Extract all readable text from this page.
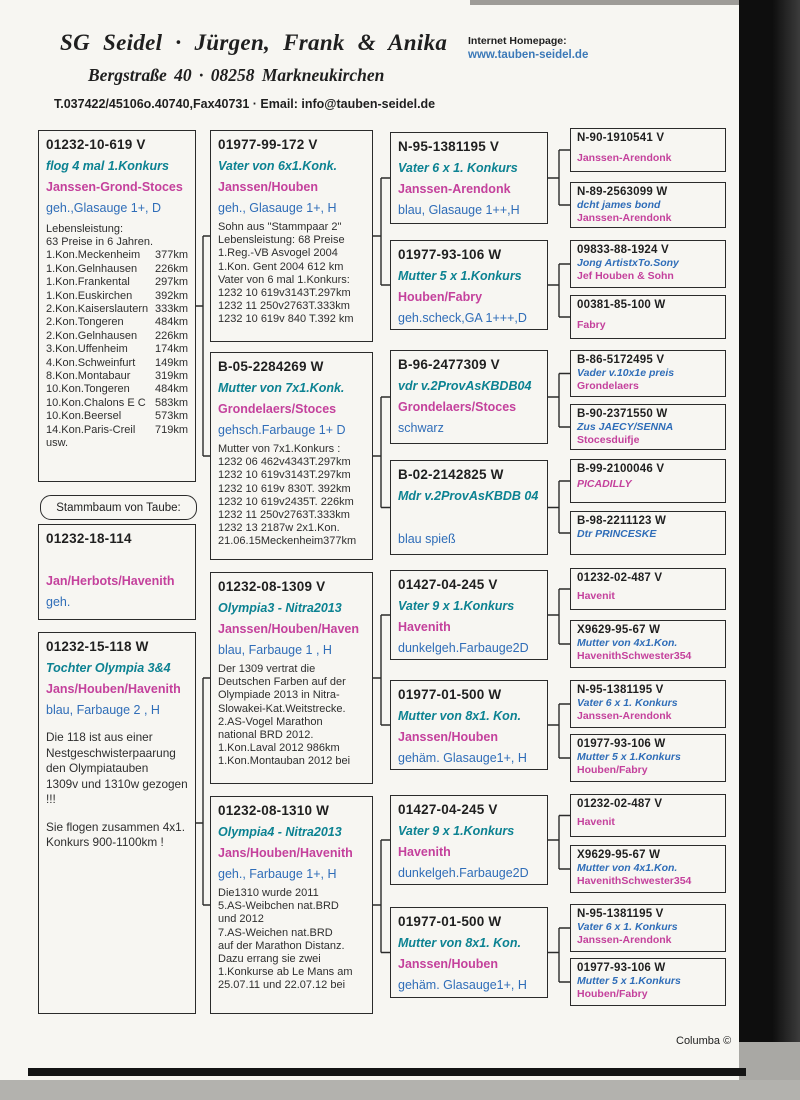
SG Seidel · Jürgen, Frank & Anika Internet Homepage:
www.tauben-seidel.de
Bergstraße 40 · 08258 Markneukirchen
T.037422/45106o.40740,Fax40731 · Email: info@tauben-seidel.de
01232-10-619 V
flog 4 mal 1.Konkurs
Janssen-Grond-Stoces
geh.,Glasauge 1+, D
Lebensleistung:
63 Preise in 6 Jahren.
1.Kon.Meckenheim 377km
1.Kon.Gelnhausen 226km
1.Kon.Frankental 297km
1.Kon.Euskirchen 392km
2.Kon.Kaiserslautern 333km
2.Kon.Tongeren	484km
2.Kon.Gelnhausen 226km
3.Kon.Uffenheim 174km
4.Kon.Schweinfurt 149km
8.Kon.Montabaur 319km
10.Kon.Tongeren 484km
10.Kon.Chalons E C 583km
10.Kon.Beersel	573km
14.Kon.Paris-Creil 719km
usw.
01232-18-114
Jan/Herbots/Havenith
geh.
01232-15-118 W
Tochter Olympia 3&4
Jans/Houben/Havenith
blau, Farbauge 2 , H
Die 118 ist aus einer
Nestgeschwisterpaarung
den Olympiatauben
1309v und 1310w gezogen
!!!
Sie flogen zusammen 4x1.
Konkurs 900-1100km !
01977-99-172 V
Vater von 6x1.Konk.
Janssen/Houben
geh., Glasauge 1+, H
Sohn aus "Stammpaar 2"
Lebensleistung: 68 Preise
1.Reg.-VB Asvogel 2004
1.Kon. Gent 2004 612 km
Vater von 6 mal 1.Konkurs:
1232 10 619v3143T.297km
1232 11 250v2763T.333km
1232 10 619v 840 T.392 km
B-05-2284269 W
Mutter von 7x1.Konk.
Grondelaers/Stoces
gehsch.Farbauge 1+ D
Mutter von 7x1.Konkurs :
1232 06 462v4343T.297km
1232 10 619v3143T.297km
1232 10 619v 830T. 392km
1232 10 619v2435T. 226km
1232 11 250v2763T.333km
1232 13 2187w 2x1.Kon.
21.06.15Meckenheim377km
01232-08-1309 V
Olympia3 - Nitra2013
Janssen/Houben/Haven
blau, Farbauge 1 , H
Der 1309 vertrat die
Deutschen Farben auf der
Olympiade 2013 in Nitra-
Slowakei-Kat.Weitstrecke.
2.AS-Vogel Marathon
national BRD 2012.
1.Kon.Laval 2012 986km
1.Kon.Montauban 2012 bei
01232-08-1310 W
Olympia4 - Nitra2013
Jans/Houben/Havenith
geh., Farbauge 1+, H
Die1310 wurde 2011
5.AS-Weibchen nat.BRD
und 2012
7.AS-Weichen nat.BRD
auf der Marathon Distanz.
Dazu errang sie zwei
1.Konkurse ab Le Mans am
25.07.11 und 22.07.12 bei
N-95-1381195 V
Vater 6 x 1. Konkurs
Janssen-Arendonk
blau, Glasauge 1++,H
01977-93-106 W
Mutter 5 x 1.Konkurs
Houben/Fabry
geh.scheck,GA 1+++,D
B-96-2477309 V
vdr v.2ProvAsKBDB04
Grondelaers/Stoces
schwarz
B-02-2142825 W
Mdr v.2ProvAsKBDB 04
blau spieß
01427-04-245 V
Vater 9 x 1.Konkurs
Havenith
dunkelgeh.Farbauge2D
01977-01-500 W
Mutter von 8x1. Kon.
Janssen/Houben
gehäm. Glasauge1+, H
01427-04-245 V
Vater 9 x 1.Konkurs
Havenith
dunkelgeh.Farbauge2D
01977-01-500 W
Mutter von 8x1. Kon.
Janssen/Houben
gehäm. Glasauge1+, H
N-90-1910541 V
Janssen-Arendonk
N-89-2563099 W
dcht james bond
Janssen-Arendonk
09833-88-1924 V
Jong ArtistxTo.Sony
Jef Houben & Sohn
00381-85-100 W
Fabry
B-86-5172495 V
Vader v.10x1e preis
Grondelaers
B-90-2371550 W
Zus JAECY/SENNA
Stocesduifje
B-99-2100046 V
PICADILLY
B-98-2211123 W
Dtr PRINCESKE
01232-02-487 V
Havenit
X9629-95-67 W
Mutter von 4x1.Kon.
HavenithSchwester354
N-95-1381195 V
Vater 6 x 1. Konkurs
Janssen-Arendonk
01977-93-106 W
Mutter 5 x 1.Konkurs
Houben/Fabry
01232-02-487 V
Havenit
X9629-95-67 W
Mutter von 4x1.Kon.
HavenithSchwester354
N-95-1381195 V
Vater 6 x 1. Konkurs
Janssen-Arendonk
01977-93-106 W
Mutter 5 x 1.Konkurs
Houben/Fabry
Stammbaum von Taube:
Columba ©
